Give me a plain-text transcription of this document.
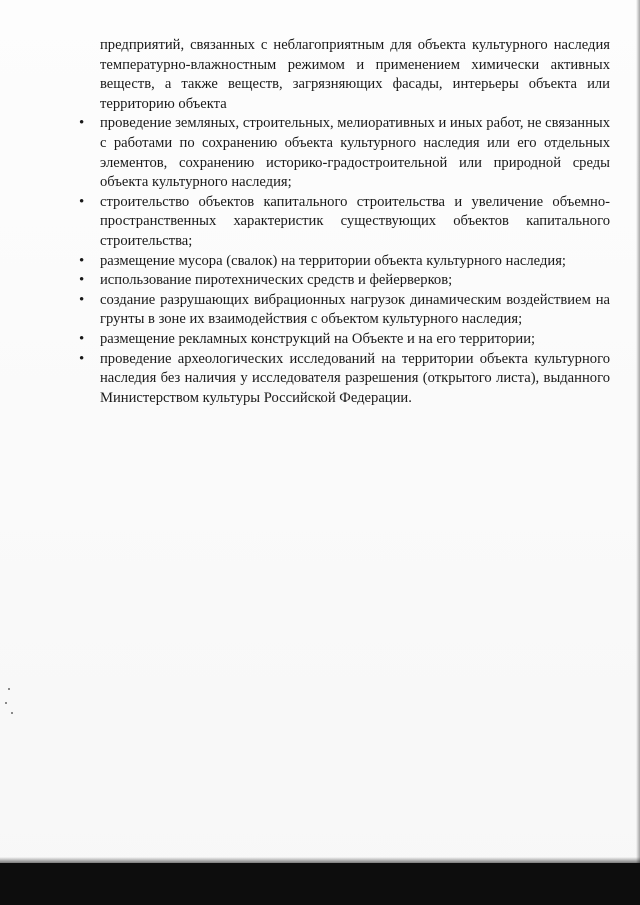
предприятий, связанных с неблагоприятным для объекта культурного наследия температурно-влажностным режимом и применением химически активных веществ, а также веществ, загрязняющих фасады, интерьеры объекта или территорию объекта

• проведение земляных, строительных, мелиоративных и иных работ, не связанных с работами по сохранению объекта культурного наследия или его отдельных элементов, сохранению историко-градостроительной или природной среды объекта культурного наследия;
• строительство объектов капитального строительства и увеличение объемно-пространственных характеристик существующих объектов капитального строительства;
• размещение мусора (свалок) на территории объекта культурного наследия;
• использование пиротехнических средств и фейерверков;
• создание разрушающих вибрационных нагрузок динамическим воздействием на грунты в зоне их взаимодействия с объектом культурного наследия;
• размещение рекламных конструкций на Объекте и на его территории;
• проведение археологических исследований на территории объекта культурного наследия без наличия у исследователя разрешения (открытого листа), выданного Министерством культуры Российской Федерации.
